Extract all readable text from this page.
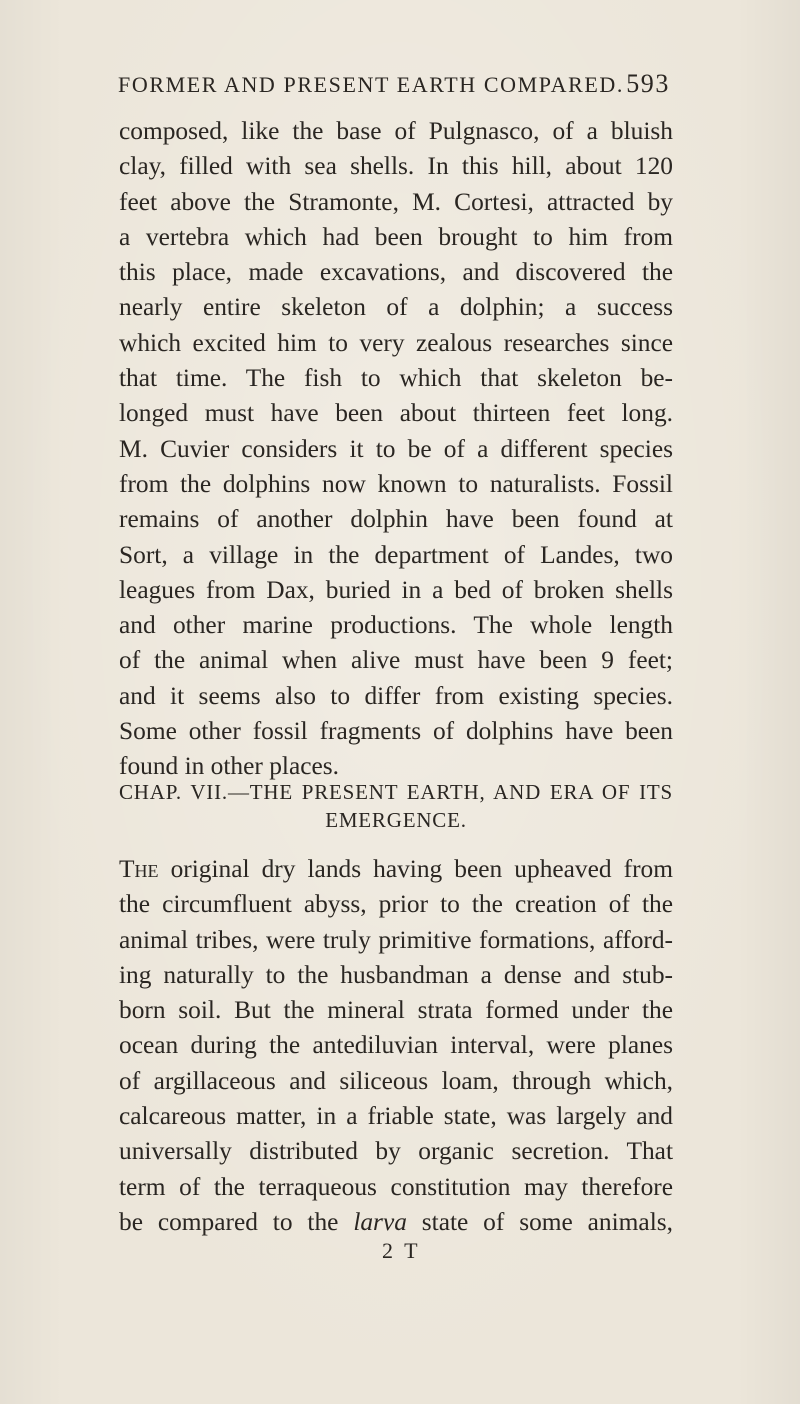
FORMER AND PRESENT EARTH COMPARED. 593
composed, like the base of Pulgnasco, of a bluish
clay, filled with sea shells. In this hill, about 120
feet above the Stramonte, M. Cortesi, attracted by
a vertebra which had been brought to him from
this place, made excavations, and discovered the
nearly entire skeleton of a dolphin; a success
which excited him to very zealous researches since
that time. The fish to which that skeleton be-
longed must have been about thirteen feet long.
M. Cuvier considers it to be of a different species
from the dolphins now known to naturalists. Fossil
remains of another dolphin have been found at
Sort, a village in the department of Landes, two
leagues from Dax, buried in a bed of broken shells
and other marine productions. The whole length
of the animal when alive must have been 9 feet;
and it seems also to differ from existing species.
Some other fossil fragments of dolphins have been
found in other places.
CHAP. VII.—THE PRESENT EARTH, AND ERA OF ITS
EMERGENCE.
The original dry lands having been upheaved from
the circumfluent abyss, prior to the creation of the
animal tribes, were truly primitive formations, afford-
ing naturally to the husbandman a dense and stub-
born soil. But the mineral strata formed under the
ocean during the antediluvian interval, were planes
of argillaceous and siliceous loam, through which,
calcareous matter, in a friable state, was largely and
universally distributed by organic secretion. That
term of the terraqueous constitution may therefore
be compared to the larva state of some animals,
2 T
